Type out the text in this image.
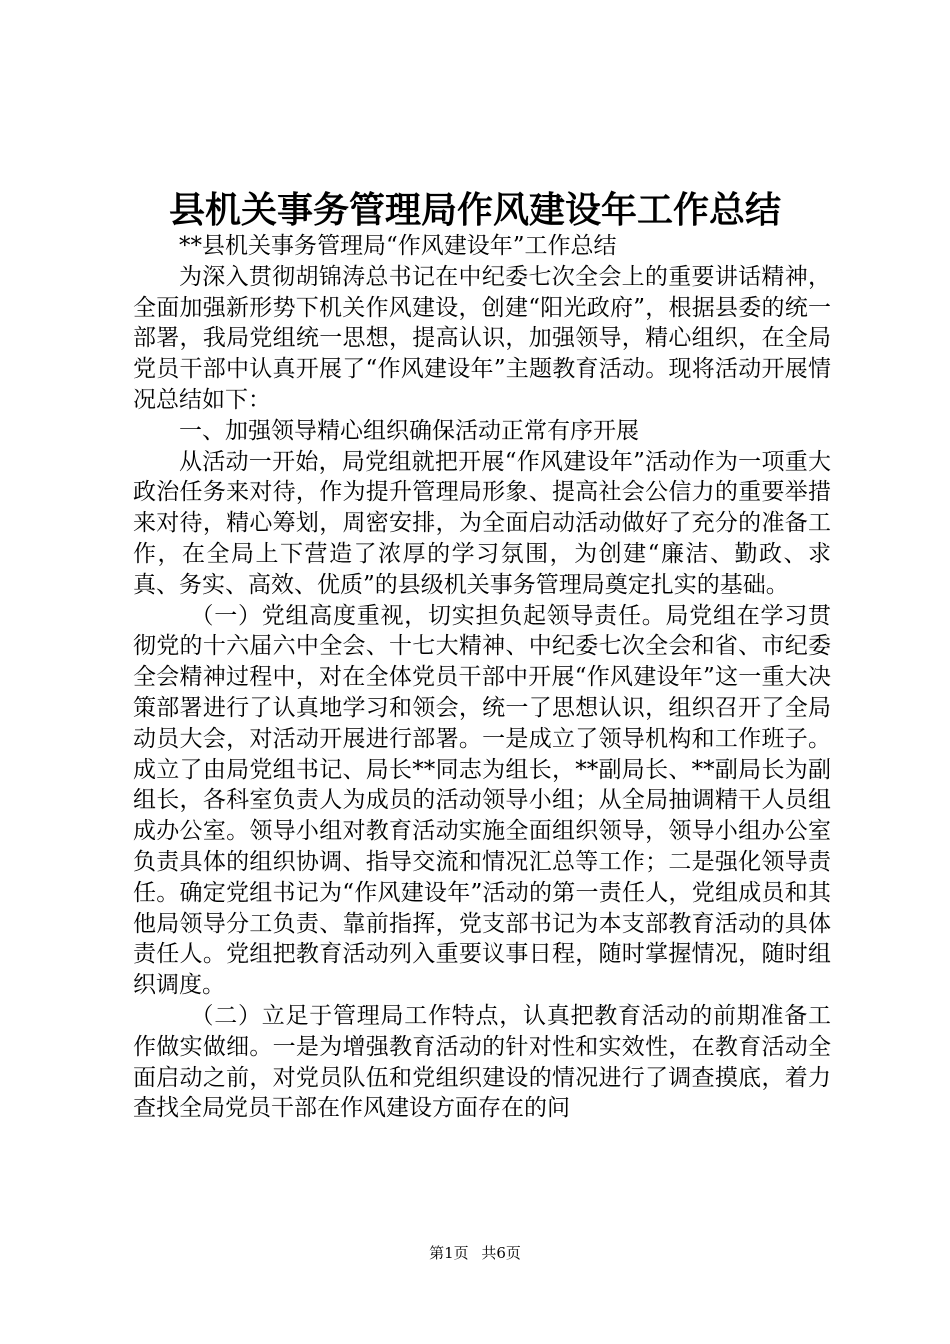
县机关事务管理局作风建设年工作总结

**县机关事务管理局“作风建设年”工作总结

为深入贯彻胡锦涛总书记在中纪委七次全会上的重要讲话精神，全面加强新形势下机关作风建设，创建“阳光政府”，根据县委的统一部署，我局党组统一思想，提高认识，加强领导，精心组织，在全局党员干部中认真开展了“作风建设年”主题教育活动。现将活动开展情况总结如下：

一、加强领导精心组织确保活动正常有序开展

从活动一开始，局党组就把开展“作风建设年”活动作为一项重大政治任务来对待，作为提升管理局形象、提高社会公信力的重要举措来对待，精心筹划，周密安排，为全面启动活动做好了充分的准备工作，在全局上下营造了浓厚的学习氛围，为创建“廉洁、勤政、求真、务实、高效、优质”的县级机关事务管理局奠定扎实的基础。

（一）党组高度重视，切实担负起领导责任。局党组在学习贯彻党的十六届六中全会、十七大精神、中纪委七次全会和省、市纪委全会精神过程中，对在全体党员干部中开展“作风建设年”这一重大决策部署进行了认真地学习和领会，统一了思想认识，组织召开了全局动员大会，对活动开展进行部署。一是成立了领导机构和工作班子。成立了由局党组书记、局长**同志为组长，**副局长、**副局长为副组长，各科室负责人为成员的活动领导小组；从全局抽调精干人员组成办公室。领导小组对教育活动实施全面组织领导，领导小组办公室负责具体的组织协调、指导交流和情况汇总等工作；二是强化领导责任。确定党组书记为“作风建设年”活动的第一责任人，党组成员和其他局领导分工负责、靠前指挥，党支部书记为本支部教育活动的具体责任人。党组把教育活动列入重要议事日程，随时掌握情况，随时组织调度。

（二）立足于管理局工作特点，认真把教育活动的前期准备工作做实做细。一是为增强教育活动的针对性和实效性，在教育活动全面启动之前，对党员队伍和党组织建设的情况进行了调查摸底，着力查找全局党员干部在作风建设方面存在的问

第1页 共6页
